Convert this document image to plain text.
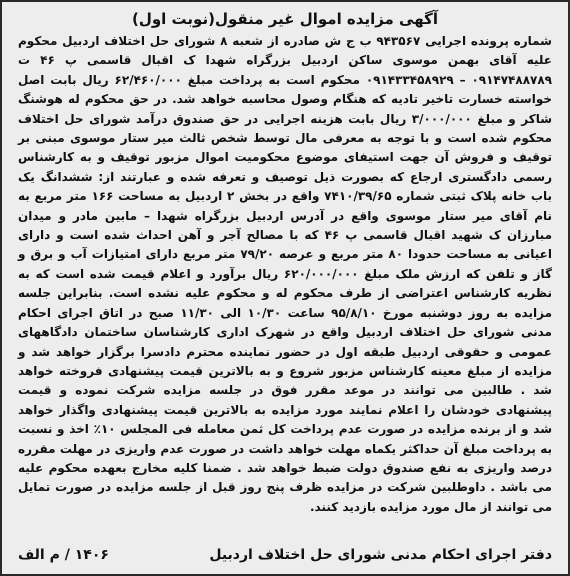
آگهی مزایده اموال غیر منقول(نوبت اول)

شماره پرونده اجرایی ۹۴۳۵۶۷ ب ج ش صادره از شعبه ۸ شورای حل اختلاف اردبیل محکوم علیه آقای بهمن موسوی ساکن اردبیل بزرگراه شهدا ک اقبال قاسمی پ ۴۶ ت ۰۹۱۴۷۴۸۸۷۸۹ – ۰۹۱۴۳۳۴۵۸۹۲۹ محکوم است به پرداخت مبلغ ۶۲/۴۶۰/۰۰۰ ریال بابت اصل خواسته خسارت تاخیر تادیه که هنگام وصول محاسبه خواهد شد. در حق محکوم له هوشنگ شاکر و مبلغ ۳/۰۰۰/۰۰۰ ریال بابت هزینه اجرایی در حق صندوق درآمد شورای حل اختلاف محکوم شده است و با توجه به معرفی مال توسط شخص ثالث میر ستار موسوی مبنی بر توقیف و فروش آن جهت استیفای موضوع محکومیت اموال مزبور توقیف و به کارشناس رسمی دادگستری ارجاع که بصورت ذیل توصیف و تعرفه شده و عبارتند از: ششدانگ یک باب خانه پلاک ثبتی شماره ۷۴۱۰/۳۹/۶۵ واقع در بخش ۲ اردبیل به مساحت ۱۶۶ متر مربع به نام آقای میر ستار موسوی واقع در آدرس اردبیل بزرگراه شهدا – مابین مادر و میدان مبارزان ک شهید اقبال قاسمی پ ۴۶ که با مصالح آجر و آهن احداث شده است و دارای اعیانی به مساحت حدودا ۸۰ متر مربع و عرصه ۷۹/۲۰ متر مربع دارای امتیازات آب و برق و گاز و تلفن که ارزش ملک مبلغ ۶۲۰/۰۰۰/۰۰۰ ریال برآورد و اعلام قیمت شده است که به نظریه کارشناس اعتراضی از طرف محکوم له و محکوم علیه نشده است. بنابراین جلسه مزایده به روز دوشنبه مورخ ۹۵/۸/۱۰ ساعت ۱۰/۳۰ الی ۱۱/۳۰ صبح در اتاق اجرای احکام مدنی شورای حل اختلاف اردبیل واقع در شهرک اداری کارشناسان ساختمان دادگاههای عمومی و حقوقی اردبیل طبقه اول در حضور نماینده محترم دادسرا برگزار خواهد شد و مزایده از مبلغ معینه کارشناس مزبور شروع و به بالاترین قیمت پیشنهادی فروخته خواهد شد . طالبین می توانند در موعد مقرر فوق در جلسه مزایده شرکت نموده و قیمت پیشنهادی خودشان را اعلام نمایند مورد مزایده به بالاترین قیمت پیشنهادی واگذار خواهد شد و از برنده مزایده در صورت عدم پرداخت کل ثمن معامله فی المجلس ۱۰٪ اخذ و نسبت به پرداخت مبلغ آن حداکثر یکماه مهلت خواهد داشت در صورت عدم واریزی در مهلت مقرره درصد واریزی به نفع صندوق دولت ضبط خواهد شد . ضمنا کلیه مخارج بعهده محکوم علیه می باشد . داوطلبین شرکت در مزایده ظرف پنج روز قبل از جلسه مزایده در صورت تمایل می توانند از مال مورد مزایده بازدید کنند.

دفتر اجرای احکام مدنی شورای حل اختلاف اردبیل
۱۴۰۶ / م الف
